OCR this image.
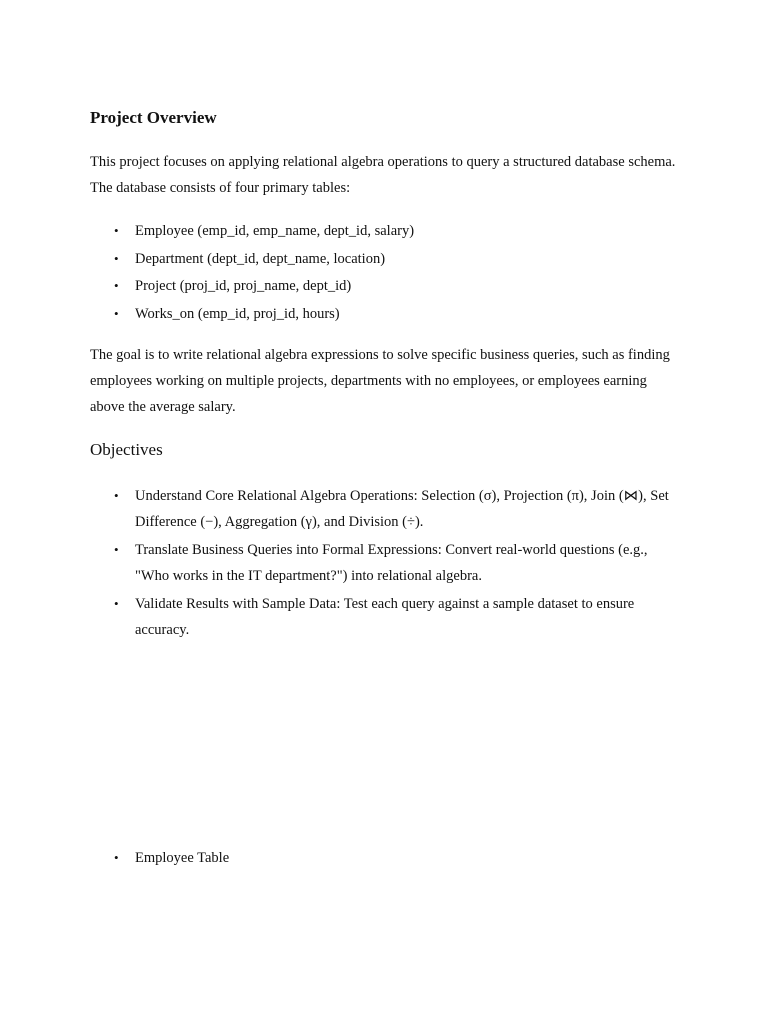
Project Overview

This project focuses on applying relational algebra operations to query a structured database schema. The database consists of four primary tables:

• Employee (emp_id, emp_name, dept_id, salary)
• Department (dept_id, dept_name, location)
• Project (proj_id, proj_name, dept_id)
• Works_on (emp_id, proj_id, hours)

The goal is to write relational algebra expressions to solve specific business queries, such as finding employees working on multiple projects, departments with no employees, or employees earning above the average salary.

Objectives
• Understand Core Relational Algebra Operations: Selection (σ), Projection (π), Join (⋈), Set Difference (−), Aggregation (γ), and Division (÷).
• Translate Business Queries into Formal Expressions: Convert real-world questions (e.g., "Who works in the IT department?") into relational algebra.
• Validate Results with Sample Data: Test each query against a sample dataset to ensure accuracy.
• Employee Table
